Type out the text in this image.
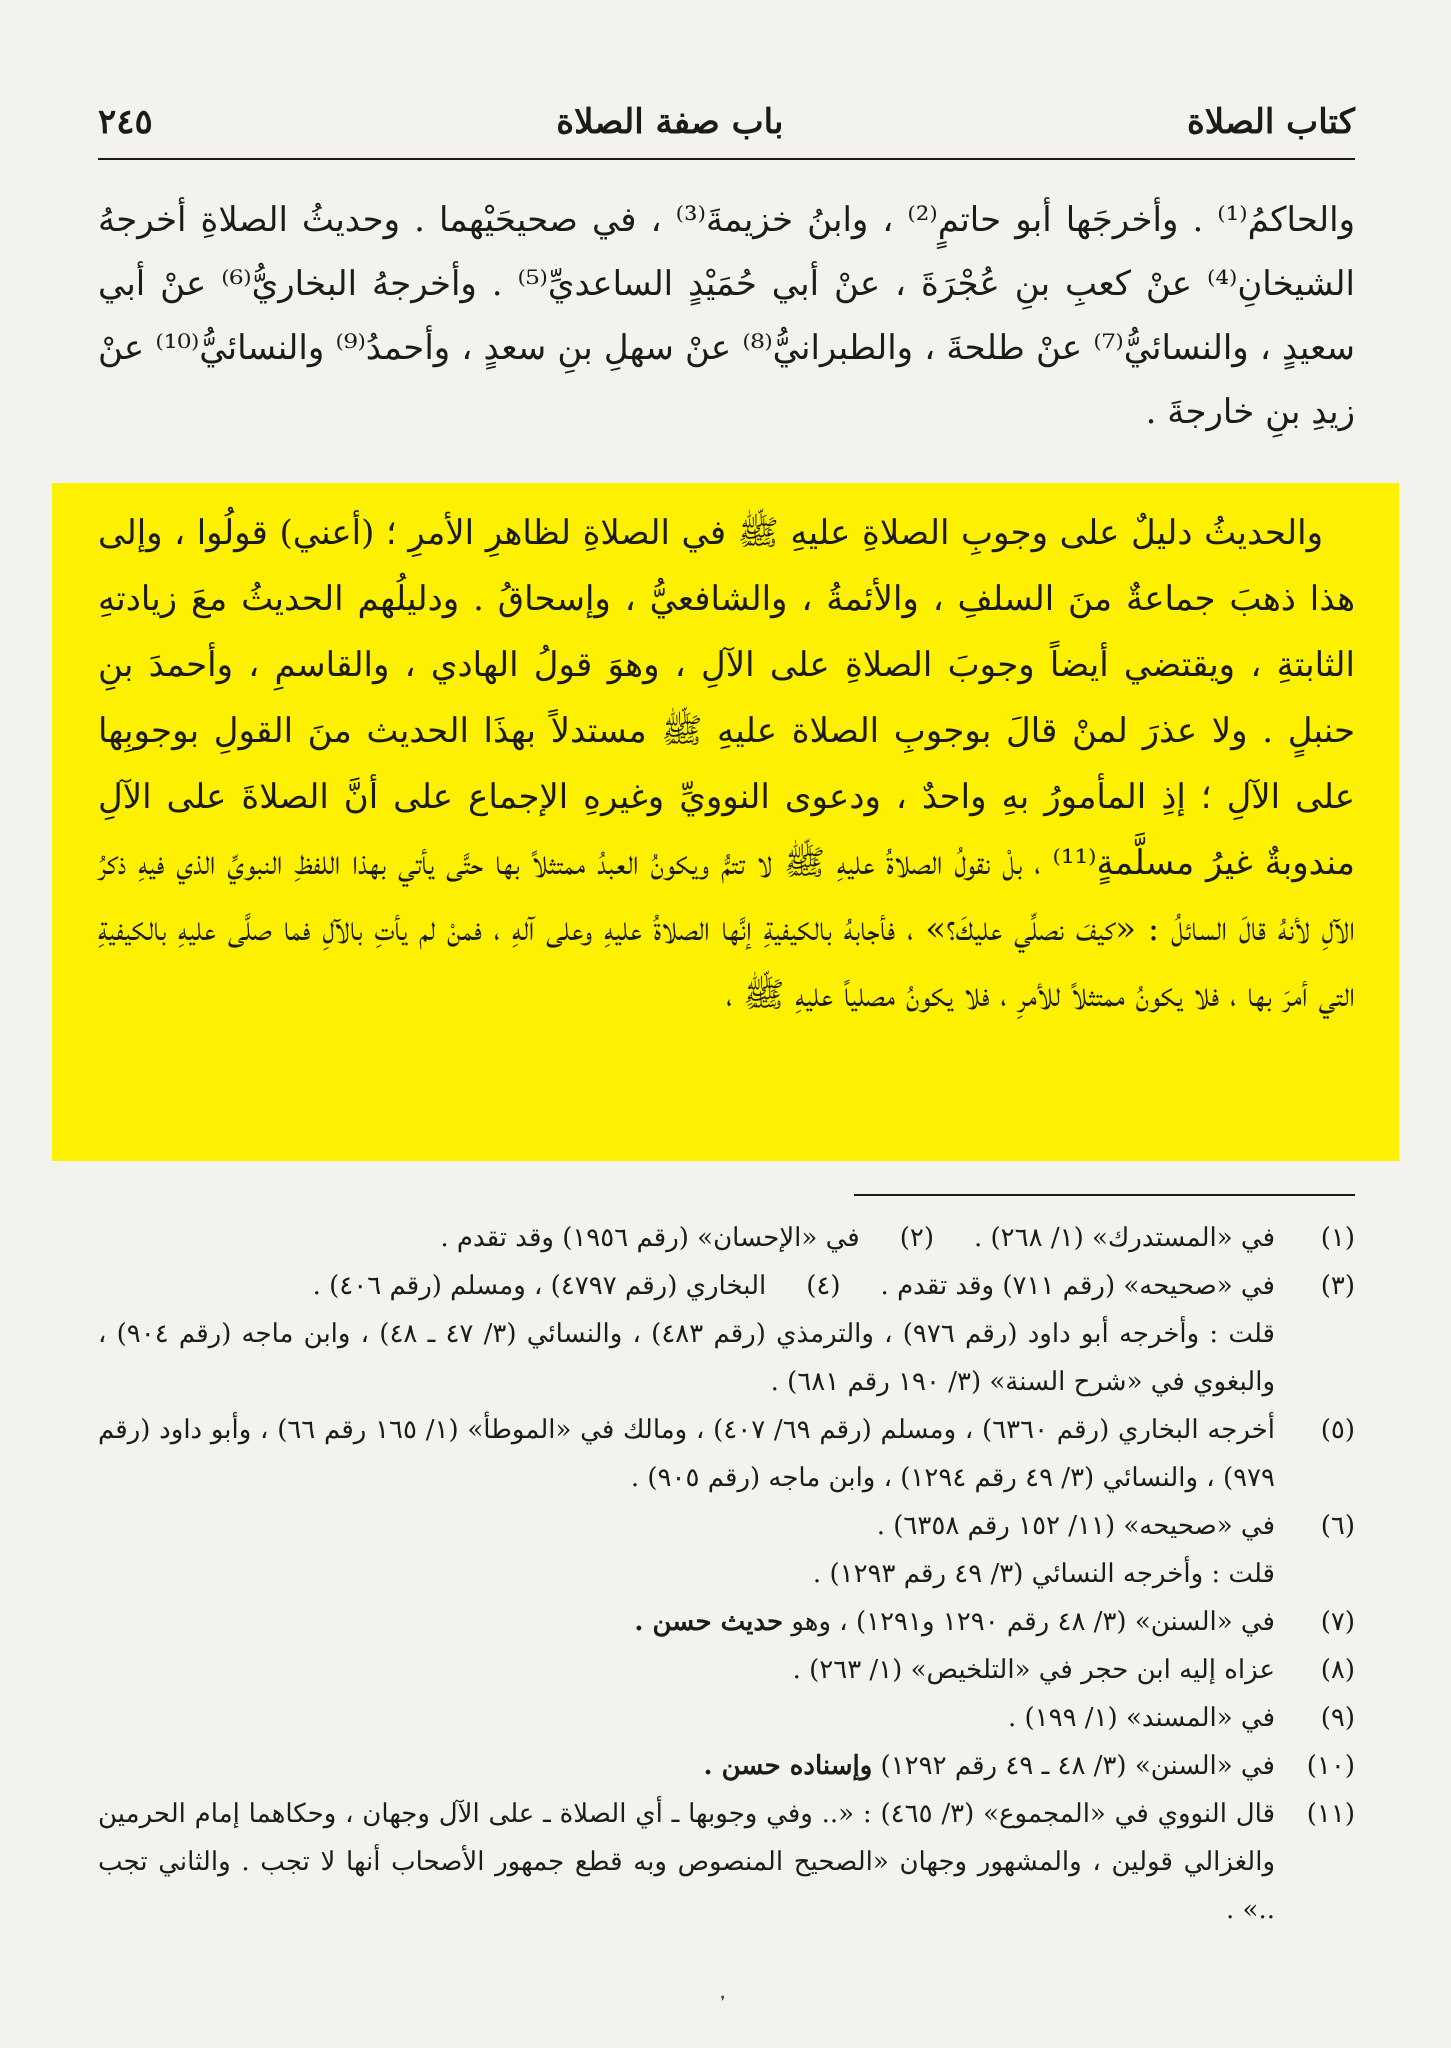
كتاب الصلاة
باب صفة الصلاة
٢٤٥

والحاكمُ⁽¹⁾ . وأخرجَها أبو حاتمٍ⁽²⁾ ، وابنُ خزيمةَ⁽³⁾ ، في صحيحَيْهما . وحديثُ الصلاةِ أخرجهُ الشيخانِ⁽⁴⁾ عنْ كعبِ بنِ عُجْرَةَ ، عنْ أبي حُمَيْدٍ الساعديِّ⁽⁵⁾ . وأخرجهُ البخاريُّ⁽⁶⁾ عنْ أبي سعيدٍ ، والنسائيُّ⁽⁷⁾ عنْ طلحةَ ، والطبرانيُّ⁽⁸⁾ عنْ سهلِ بنِ سعدٍ ، وأحمدُ⁽⁹⁾ والنسائيُّ⁽¹⁰⁾ عنْ زيدِ بنِ خارجةَ .

والحديثُ دليلٌ على وجوبِ الصلاةِ عليهِ ﷺ في الصلاةِ لظاهرِ الأمرِ ؛ (أعني) قولُوا ، وإلى هذا ذهبَ جماعةٌ منَ السلفِ ، والأئمةُ ، والشافعيُّ ، وإسحاقُ . ودليلُهم الحديثُ معَ زيادتهِ الثابتةِ ، ويقتضي أيضاً وجوبَ الصلاةِ على الآلِ ، وهوَ قولُ الهادي ، والقاسمِ ، وأحمدَ بنِ حنبلٍ . ولا عذرَ لمنْ قالَ بوجوبِ الصلاة عليهِ ﷺ مستدلاً بهذَا الحديث منَ القولِ بوجوبِها على الآلِ ؛ إذِ المأمورُ بهِ واحدٌ ، ودعوى النوويِّ وغيرهِ الإجماع على أنَّ الصلاةَ على الآلِ مندوبةٌ غيرُ مسلَّمةٍ⁽¹¹⁾ ، بلْ نقولُ الصلاةُ عليهِ ﷺ لا تتمُّ ويكونُ العبدُ ممتثلاً بها حتَّى يأتي بهذا اللفظِ النبويِّ الذي فيهِ ذكرُ الآلِ لأنهُ قالَ السائلُ : «كيفَ نصلِّي عليكَ؟» ، فأجابهُ بالكيفيةِ إنَّها الصلاةُ عليهِ وعلى آلهِ ، فمنْ لم يأتِ بالآلِ فما صلَّى عليهِ بالكيفيةِ التي أمرَ بها ، فلا يكونُ ممتثلاً للأمرِ ، فلا يكونُ مصلياً عليهِ ﷺ ،

(١)
في «المستدرك» (١/ ٢٦٨) .
(٢)
في «الإحسان» (رقم ١٩٥٦) وقد تقدم .
(٣)
في «صحيحه» (رقم ٧١١) وقد تقدم .
(٤)
البخاري (رقم ٤٧٩٧) ، ومسلم (رقم ٤٠٦) .
قلت : وأخرجه أبو داود (رقم ٩٧٦) ، والترمذي (رقم ٤٨٣) ، والنسائي (٣/ ٤٧ ـ ٤٨) ، وابن ماجه (رقم ٩٠٤) ، والبغوي في «شرح السنة» (٣/ ١٩٠ رقم ٦٨١) .
(٥)
أخرجه البخاري (رقم ٦٣٦٠) ، ومسلم (رقم ٦٩/ ٤٠٧) ، ومالك في «الموطأ» (١/ ١٦٥ رقم ٦٦) ، وأبو داود (رقم ٩٧٩) ، والنسائي (٣/ ٤٩ رقم ١٢٩٤) ، وابن ماجه (رقم ٩٠٥) .
(٦)
في «صحيحه» (١١/ ١٥٢ رقم ٦٣٥٨) .
قلت : وأخرجه النسائي (٣/ ٤٩ رقم ١٢٩٣) .
(٧)
في «السنن» (٣/ ٤٨ رقم ١٢٩٠ و١٢٩١) ، وهو حديث حسن .
(٨)
عزاه إليه ابن حجر في «التلخيص» (١/ ٢٦٣) .
(٩)
في «المسند» (١/ ١٩٩) .
(١٠)
في «السنن» (٣/ ٤٨ ـ ٤٩ رقم ١٢٩٢) وإسناده حسن .
(١١)
قال النووي في «المجموع» (٣/ ٤٦٥) : «.. وفي وجوبها ـ أي الصلاة ـ على الآل وجهان ، وحكاهما إمام الحرمين والغزالي قولين ، والمشهور وجهان «الصحيح المنصوص وبه قطع جمهور الأصحاب أنها لا تجب . والثاني تجب ..» .
᾿
